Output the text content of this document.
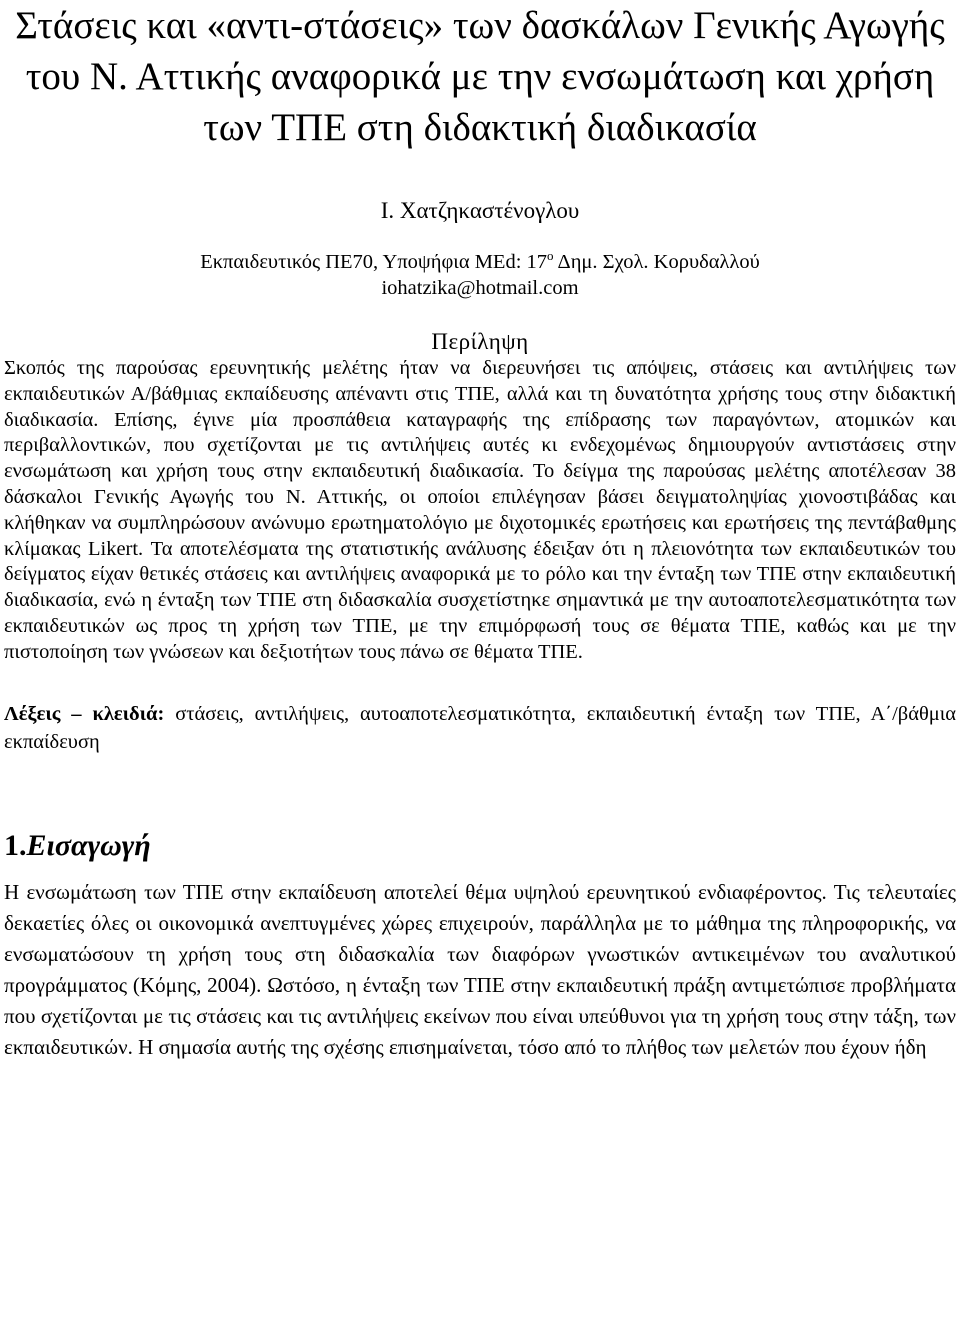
Στάσεις και «αντι-στάσεις» των δασκάλων Γενικής Αγωγής του Ν. Αττικής αναφορικά με την ενσωμάτωση και χρήση των ΤΠΕ στη διδακτική διαδικασία
Ι. Χατζηκαστένογλου
Εκπαιδευτικός ΠΕ70, Υποψήφια MEd: $17^o$ Δημ. Σχολ. Κορυδαλλού
iohatzika@hotmail.com
Περίληψη

Σκοπός της παρούσας ερευνητικής μελέτης ήταν να διερευνήσει τις απόψεις, στάσεις και αντιλήψεις των εκπαιδευτικών Α/βάθμιας εκπαίδευσης απέναντι στις ΤΠΕ, αλλά και τη δυνατότητα χρήσης τους στην διδακτική διαδικασία. Επίσης, έγινε μία προσπάθεια καταγραφής της επίδρασης των παραγόντων, ατομικών και περιβαλλοντικών, που σχετίζονται με τις αντιλήψεις αυτές κι ενδεχομένως δημιουργούν αντιστάσεις στην ενσωμάτωση και χρήση τους στην εκπαιδευτική διαδικασία. Το δείγμα της παρούσας μελέτης αποτέλεσαν 38 δάσκαλοι Γενικής Αγωγής του Ν. Αττικής, οι οποίοι επιλέγησαν βάσει δειγματοληψίας χιονοστιβάδας και κλήθηκαν να συμπληρώσουν ανώνυμο ερωτηματολόγιο με διχοτομικές ερωτήσεις και ερωτήσεις της πεντάβαθμης κλίμακας Likert. Τα αποτελέσματα της στατιστικής ανάλυσης έδειξαν ότι η πλειονότητα των εκπαιδευτικών του δείγματος είχαν θετικές στάσεις και αντιλήψεις αναφορικά με το ρόλο και την ένταξη των ΤΠΕ στην εκπαιδευτική διαδικασία, ενώ η ένταξη των ΤΠΕ στη διδασκαλία συσχετίστηκε σημαντικά με την αυτοαποτελεσματικότητα των εκπαιδευτικών ως προς τη χρήση των ΤΠΕ, με την επιμόρφωσή τους σε θέματα ΤΠΕ, καθώς και με την πιστοποίηση των γνώσεων και δεξιοτήτων τους πάνω σε θέματα ΤΠΕ.

Λέξεις – κλειδιά: στάσεις, αντιλήψεις, αυτοαποτελεσματικότητα, εκπαιδευτική ένταξη των ΤΠΕ, Α΄/βάθμια εκπαίδευση
1.Εισαγωγή

Η ενσωμάτωση των ΤΠΕ στην εκπαίδευση αποτελεί θέμα υψηλού ερευνητικού ενδιαφέροντος. Τις τελευταίες δεκαετίες όλες οι οικονομικά ανεπτυγμένες χώρες επιχειρούν, παράλληλα με το μάθημα της πληροφορικής, να ενσωματώσουν τη χρήση τους στη διδασκαλία των διαφόρων γνωστικών αντικειμένων του αναλυτικού προγράμματος (Κόμης, 2004). Ωστόσο, η ένταξη των ΤΠΕ στην εκπαιδευτική πράξη αντιμετώπισε προβλήματα που σχετίζονται με τις στάσεις και τις αντιλήψεις εκείνων που είναι υπεύθυνοι για τη χρήση τους στην τάξη, των εκπαιδευτικών. Η σημασία αυτής της σχέσης επισημαίνεται, τόσο από το πλήθος των μελετών που έχουν ήδη
